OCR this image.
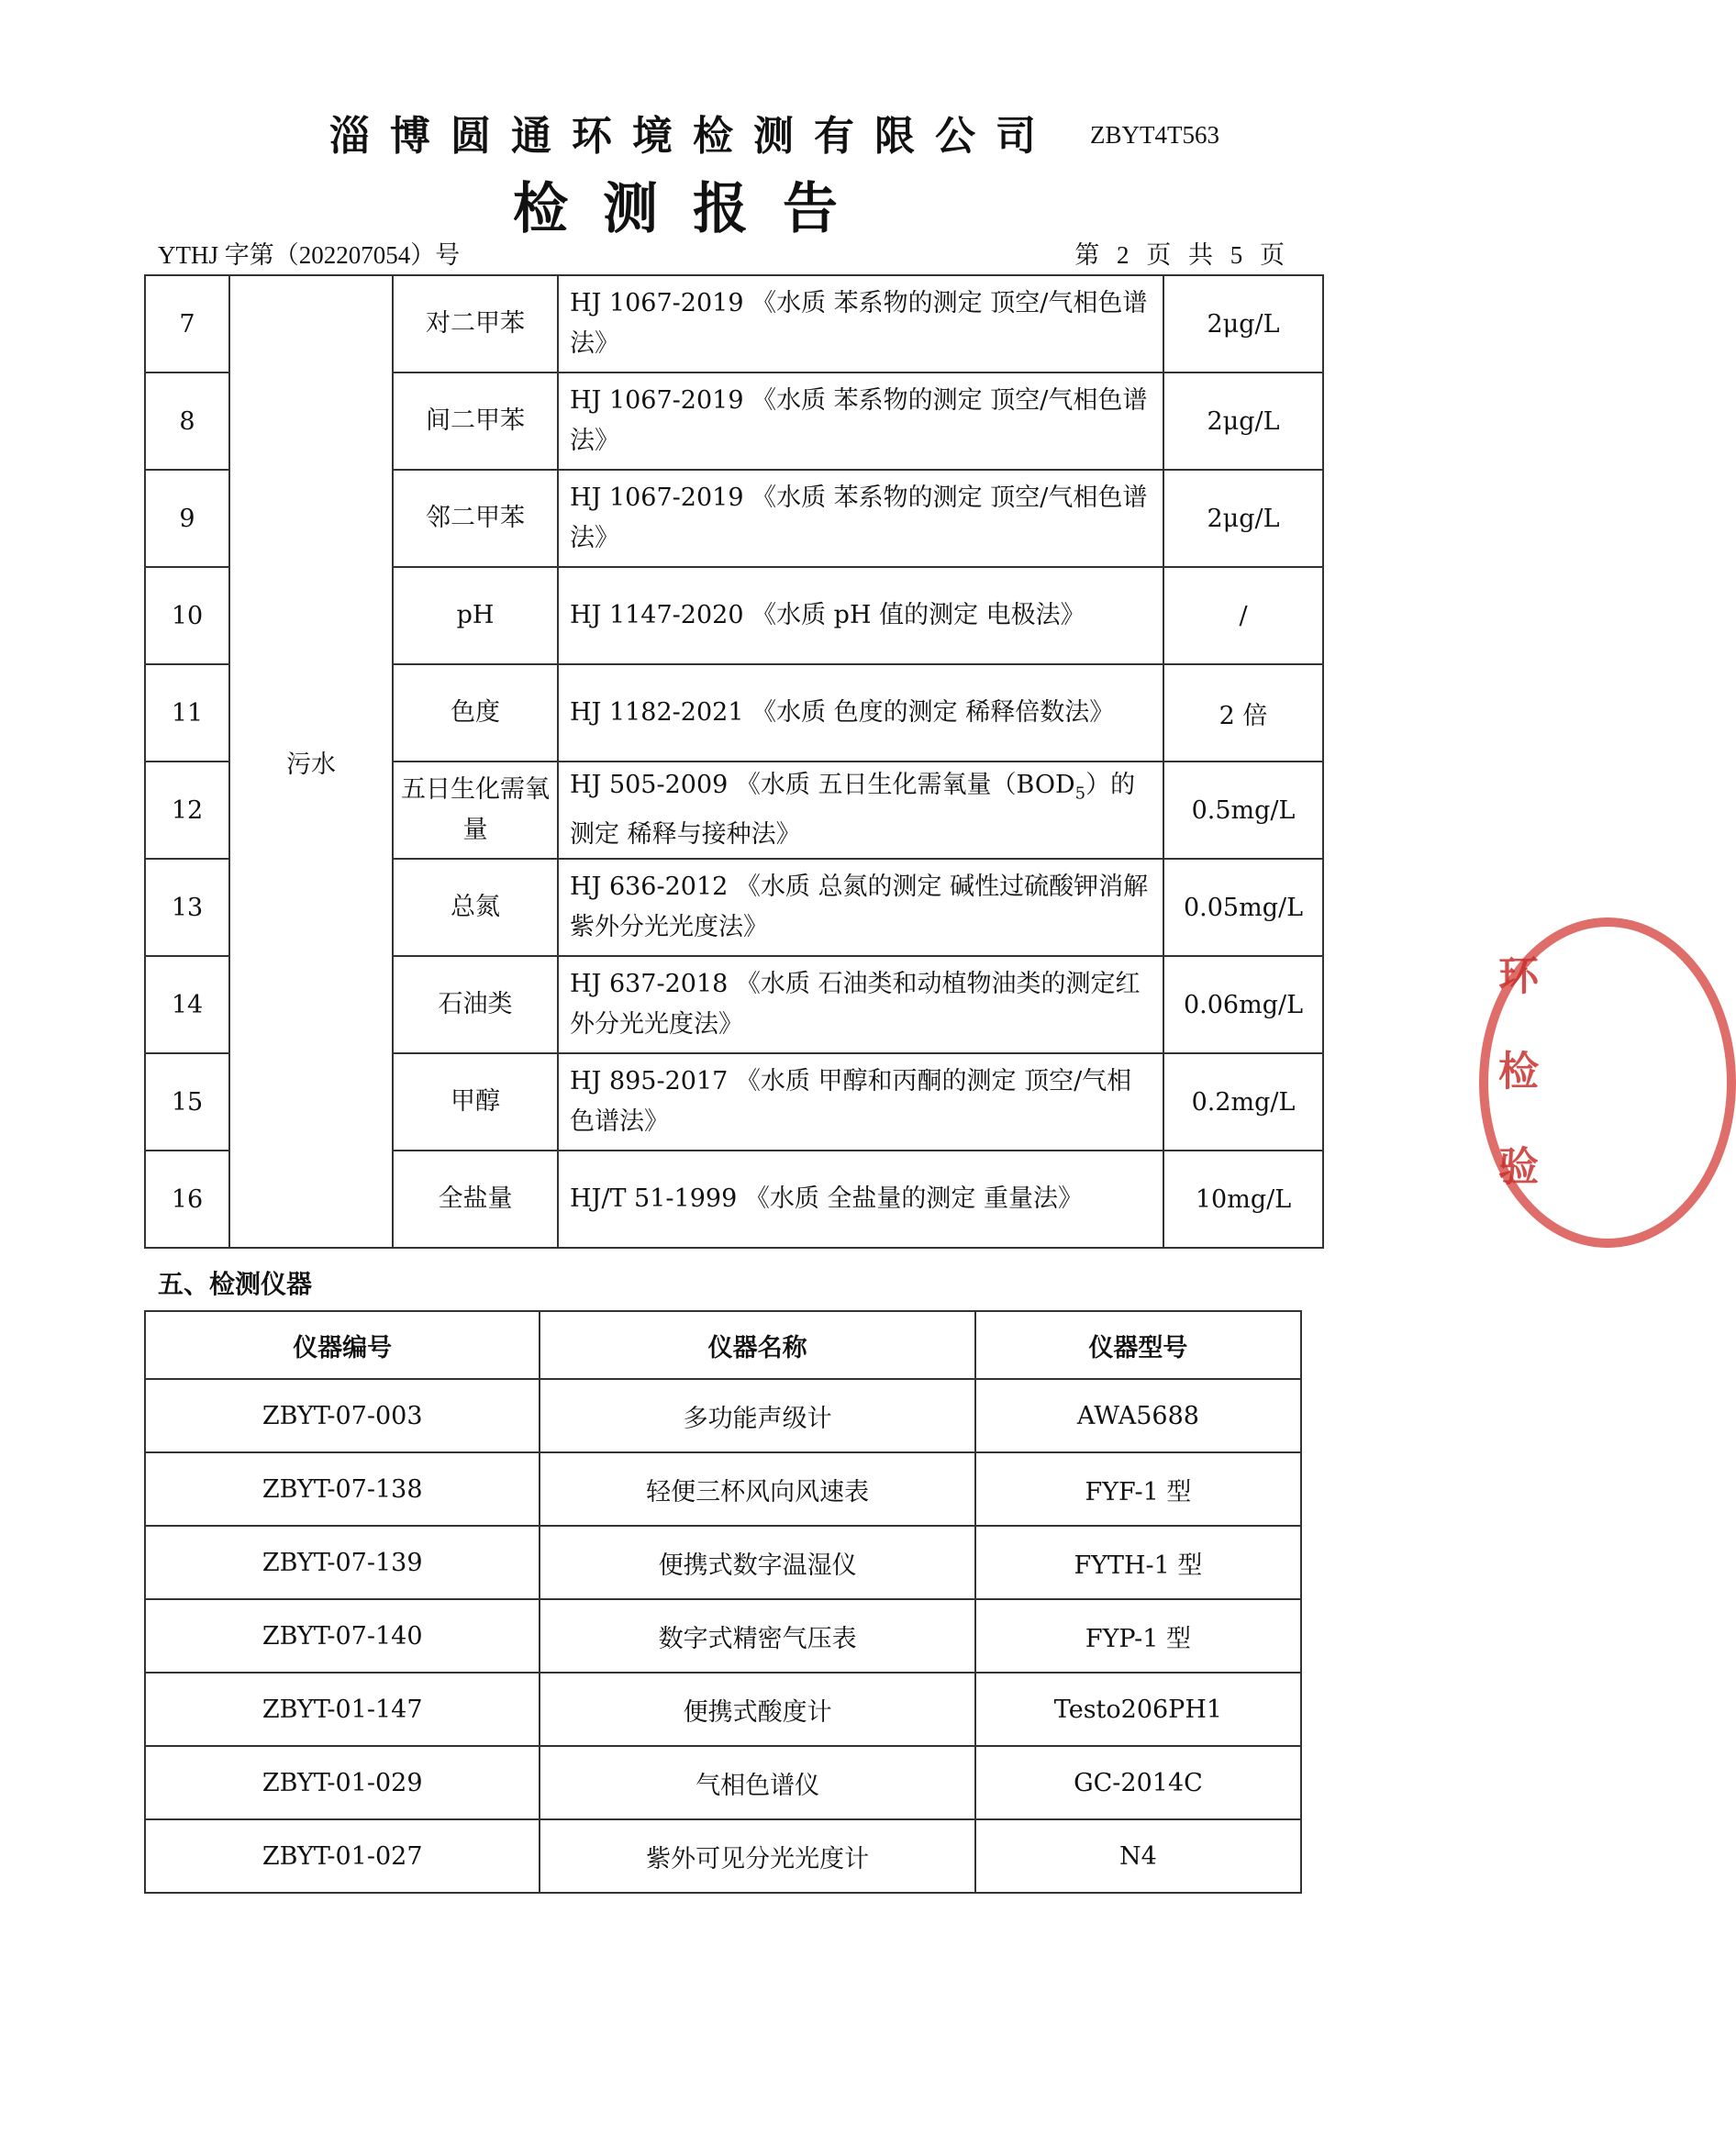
淄博圆通环境检测有限公司	ZBYT4T563
检测报告
YTHJ 字第（202207054）号	第 2 页 共 5 页
7	污水	对二甲苯	HJ 1067-2019 《水质 苯系物的测定 顶空/气相色谱法》	2μg/L
8		间二甲苯	HJ 1067-2019 《水质 苯系物的测定 顶空/气相色谱法》	2μg/L
9		邻二甲苯	HJ 1067-2019 《水质 苯系物的测定 顶空/气相色谱法》	2μg/L
10		pH	HJ 1147-2020 《水质 pH 值的测定 电极法》	/
11		色度	HJ 1182-2021 《水质 色度的测定 稀释倍数法》	2 倍
12		五日生化需氧量	HJ 505-2009 《水质 五日生化需氧量$(BOD_5)$的测定 稀释与接种法》	0.5mg/L
13		总氮	HJ 636-2012 《水质 总氮的测定 碱性过硫酸钾消解紫外分光光度法》	0.05mg/L
14		石油类	HJ 637-2018 《水质 石油类和动植物油类的测定红外分光光度法》	0.06mg/L
15		甲醇	HJ 895-2017 《水质 甲醇和丙酮的测定 顶空/气相色谱法》	0.2mg/L
16		全盐量	HJ/T 51-1999 《水质 全盐量的测定 重量法》	10mg/L
五、检测仪器
仪器编号	仪器名称	仪器型号
ZBYT-07-003	多功能声级计	AWA5688
ZBYT-07-138	轻便三杯风向风速表	FYF-1 型
ZBYT-07-139	便携式数字温湿仪	FYTH-1 型
ZBYT-07-140	数字式精密气压表	FYP-1 型
ZBYT-01-147	便携式酸度计	Testo206PH1
ZBYT-01-029	气相色谱仪	GC-2014C
ZBYT-01-027	紫外可见分光光度计	N4
环检验
